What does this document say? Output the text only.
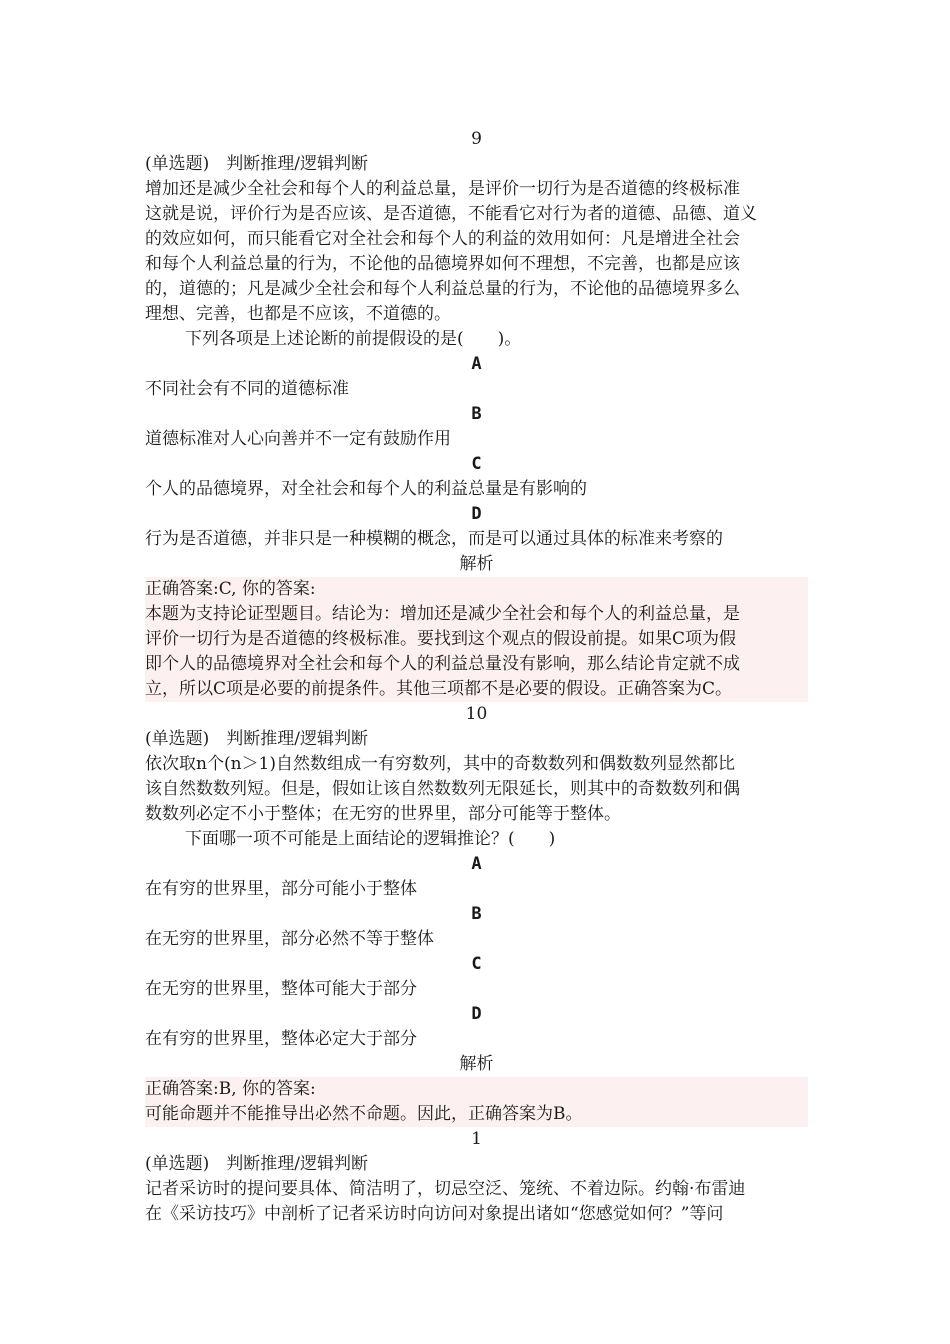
9
(单选题)　判断推理/逻辑判断
增加还是减少全社会和每个人的利益总量，是评价一切行为是否道德的终极标准
这就是说，评价行为是否应该、是否道德，不能看它对行为者的道德、品德、道义
的效应如何，而只能看它对全社会和每个人的利益的效用如何：凡是增进全社会
和每个人利益总量的行为，不论他的品德境界如何不理想，不完善，也都是应该
的，道德的；凡是减少全社会和每个人利益总量的行为，不论他的品德境界多么
理想、完善，也都是不应该，不道德的。
下列各项是上述论断的前提假设的是(　　)。
A
不同社会有不同的道德标准
B
道德标准对人心向善并不一定有鼓励作用
C
个人的品德境界，对全社会和每个人的利益总量是有影响的
D
行为是否道德，并非只是一种模糊的概念，而是可以通过具体的标准来考察的
解析
正确答案:C, 你的答案:
本题为支持论证型题目。结论为：增加还是减少全社会和每个人的利益总量，是
评价一切行为是否道德的终极标准。要找到这个观点的假设前提。如果C项为假
即个人的品德境界对全社会和每个人的利益总量没有影响，那么结论肯定就不成
立，所以C项是必要的前提条件。其他三项都不是必要的假设。正确答案为C。
10
(单选题)　判断推理/逻辑判断
依次取n个(n＞1)自然数组成一有穷数列，其中的奇数数列和偶数数列显然都比
该自然数数列短。但是，假如让该自然数数列无限延长，则其中的奇数数列和偶
数数列必定不小于整体；在无穷的世界里，部分可能等于整体。
下面哪一项不可能是上面结论的逻辑推论？(　　)
A
在有穷的世界里，部分可能小于整体
B
在无穷的世界里，部分必然不等于整体
C
在无穷的世界里，整体可能大于部分
D
在有穷的世界里，整体必定大于部分
解析
正确答案:B, 你的答案:
可能命题并不能推导出必然不命题。因此，正确答案为B。
1
(单选题)　判断推理/逻辑判断
记者采访时的提问要具体、简洁明了，切忌空泛、笼统、不着边际。约翰·布雷迪
在《采访技巧》中剖析了记者采访时向访问对象提出诸如“您感觉如何？”等问
